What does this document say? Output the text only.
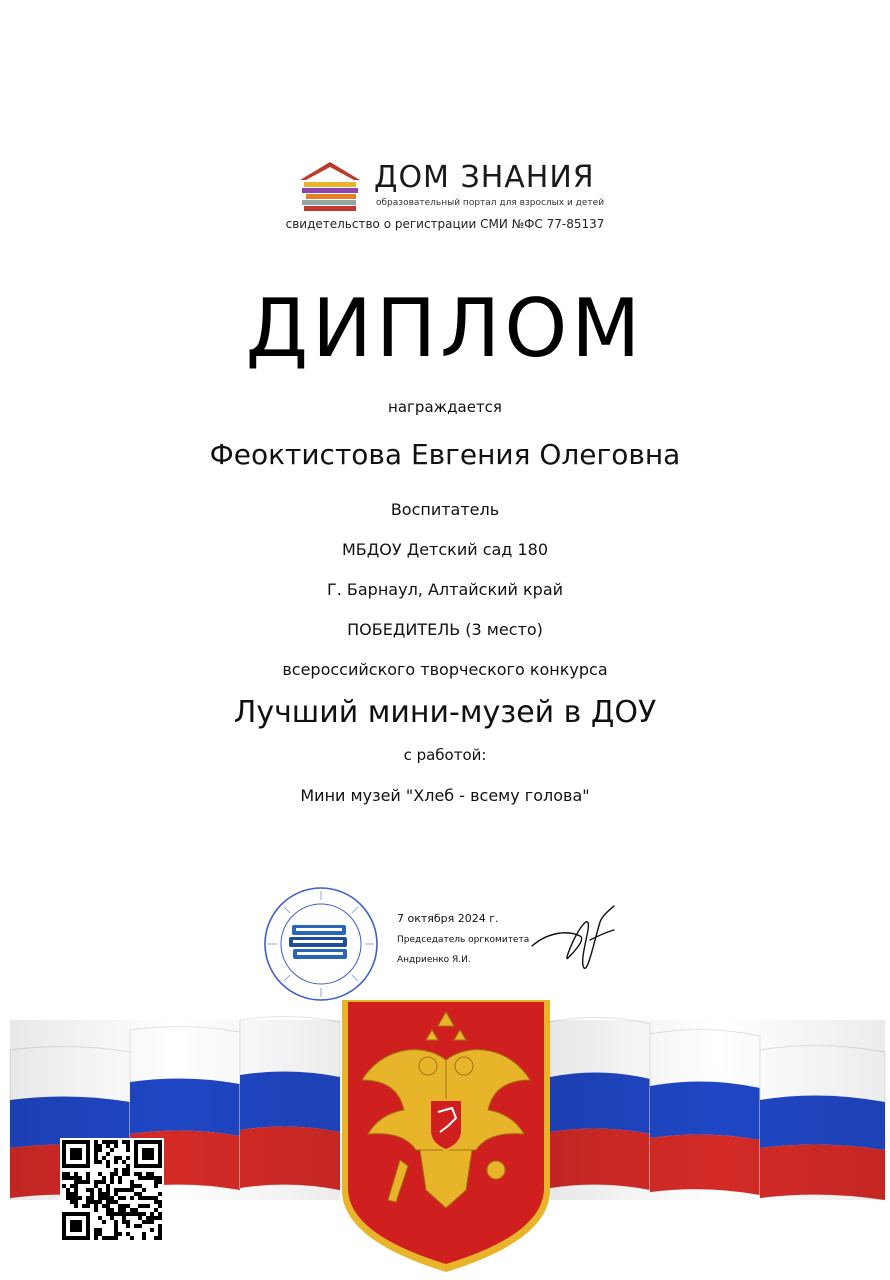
ДОМ ЗНАНИЯ
образовательный портал для взрослых и детей
свидетельство о регистрации СМИ №ФС 77-85137
ДИПЛОМ
награждается
Феоктистова Евгения Олеговна
Воспитатель
МБДОУ Детский сад 180
Г. Барнаул, Алтайский край
ПОБЕДИТЕЛЬ (3 место)
всероссийского творческого конкурса
Лучший мини-музей в ДОУ
с работой:
Мини музей "Хлеб - всему голова"
7 октября 2024 г.
Председатель оргкомитета
Андриенко Я.И.
